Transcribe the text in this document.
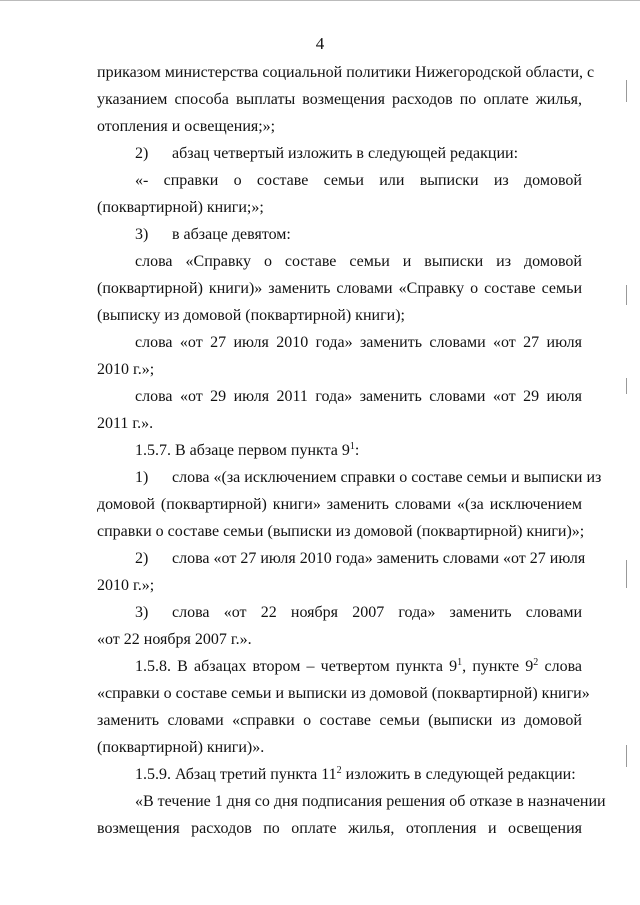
4
приказом министерства социальной политики Нижегородской области, с
указанием способа выплаты возмещения расходов по оплате жилья,
отопления и освещения;»;
2) абзац четвертый изложить в следующей редакции:
«- справки о составе семьи или выписки из домовой
(поквартирной) книги;»;
3) в абзаце девятом:
слова «Справку о составе семьи и выписки из домовой
(поквартирной) книги)» заменить словами «Справку о составе семьи
(выписку из домовой (поквартирной) книги);
слова «от 27 июля 2010 года» заменить словами «от 27 июля
2010 г.»;
слова «от 29 июля 2011 года» заменить словами «от 29 июля
2011 г.».
1.5.7. В абзаце первом пункта $9^1$:
1) слова «(за исключением справки о составе семьи и выписки из
домовой (поквартирной) книги» заменить словами «(за исключением
справки о составе семьи (выписки из домовой (поквартирной) книги)»;
2) слова «от 27 июля 2010 года» заменить словами «от 27 июля
2010 г.»;
3) слова «от 22 ноября 2007 года» заменить словами
«от 22 ноября 2007 г.».
1.5.8. В абзацах втором – четвертом пункта $9^1$, пункте $9^2$ слова
«справки о составе семьи и выписки из домовой (поквартирной) книги»
заменить словами «справки о составе семьи (выписки из домовой
(поквартирной) книги)».
1.5.9. Абзац третий пункта $11^2$ изложить в следующей редакции:
«В течение 1 дня со дня подписания решения об отказе в назначении
возмещения расходов по оплате жилья, отопления и освещения
